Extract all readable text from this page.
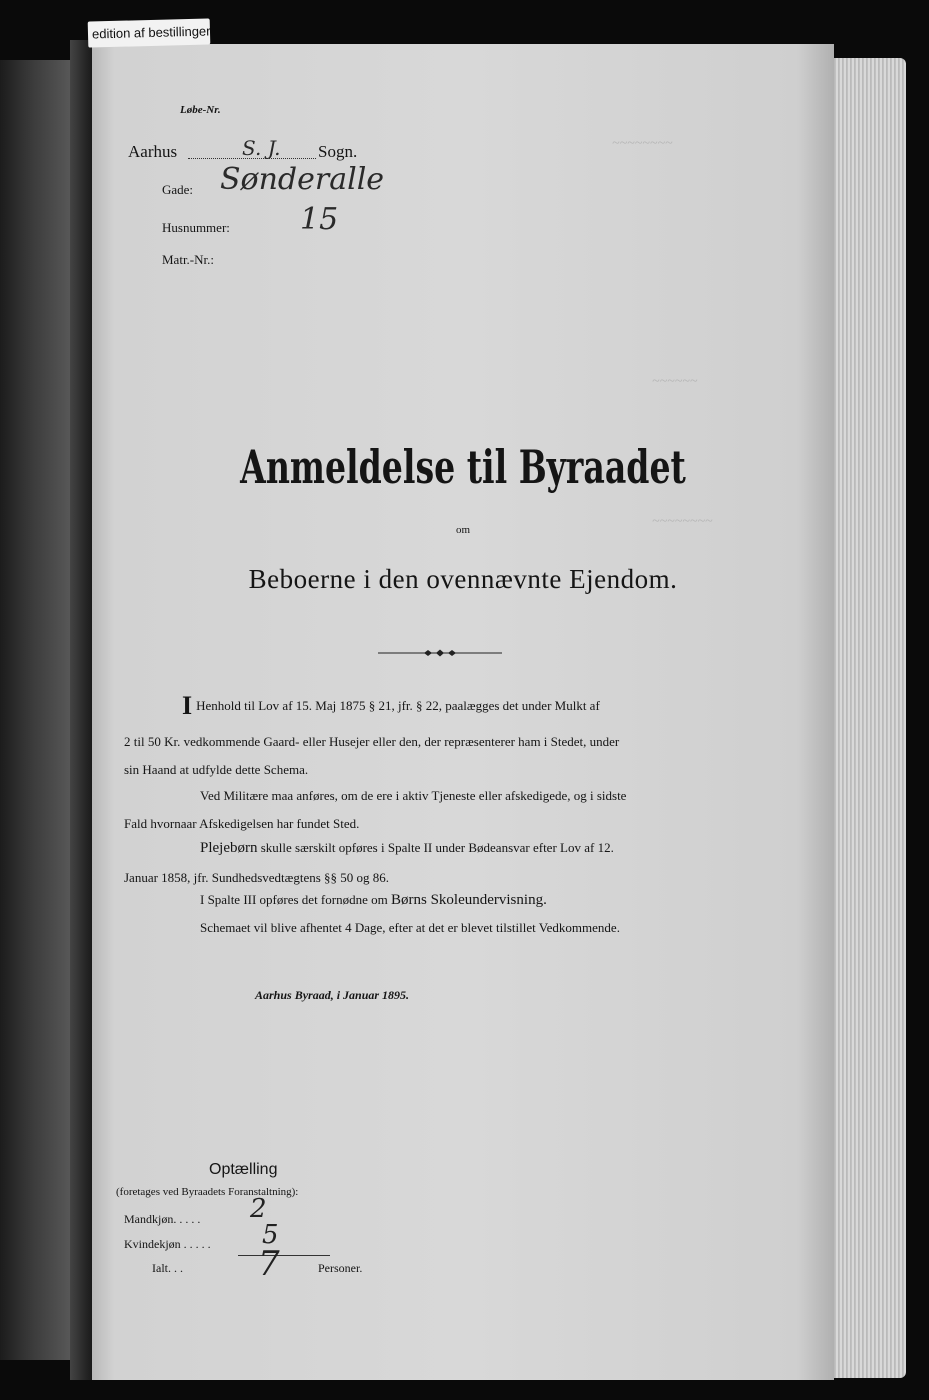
~~~~~~~~
~~~~~~
~~~~~~~~
Løbe-Nr.
Aarhus	S. J. Sogn.
Gade: Sønderalle
Husnummer: 15
Matr.-Nr.:
Anmeldelse til Byraadet
om
Beboerne i den ovennævnte Ejendom.
I Henhold til Lov af 15. Maj 1875 § 21, jfr. § 22, paalægges det under Mulkt af
2 til 50 Kr. vedkommende Gaard- eller Husejer eller den, der repræsenterer ham i Stedet, under
sin Haand at udfylde dette Schema.
Ved Militære maa anføres, om de ere i aktiv Tjeneste eller afskedigede, og i sidste
Fald hvornaar Afskedigelsen har fundet Sted.
Plejebørn skulle særskilt opføres i Spalte II under Bødeansvar efter Lov af 12.
Januar 1858, jfr. Sundhedsvedtægtens §§ 50 og 86.
I Spalte III opføres det fornødne om Børns Skoleundervisning.
Schemaet vil blive afhentet 4 Dage, efter at det er blevet tilstillet Vedkommende.
Aarhus Byraad, i Januar 1895.
Optælling
(foretages ved Byraadets Foranstaltning):
Mandkjøn. . . . . 2
Kvindekjøn . . . . . 5
Ialt. . . 7	Personer.
edition af bestillinger
